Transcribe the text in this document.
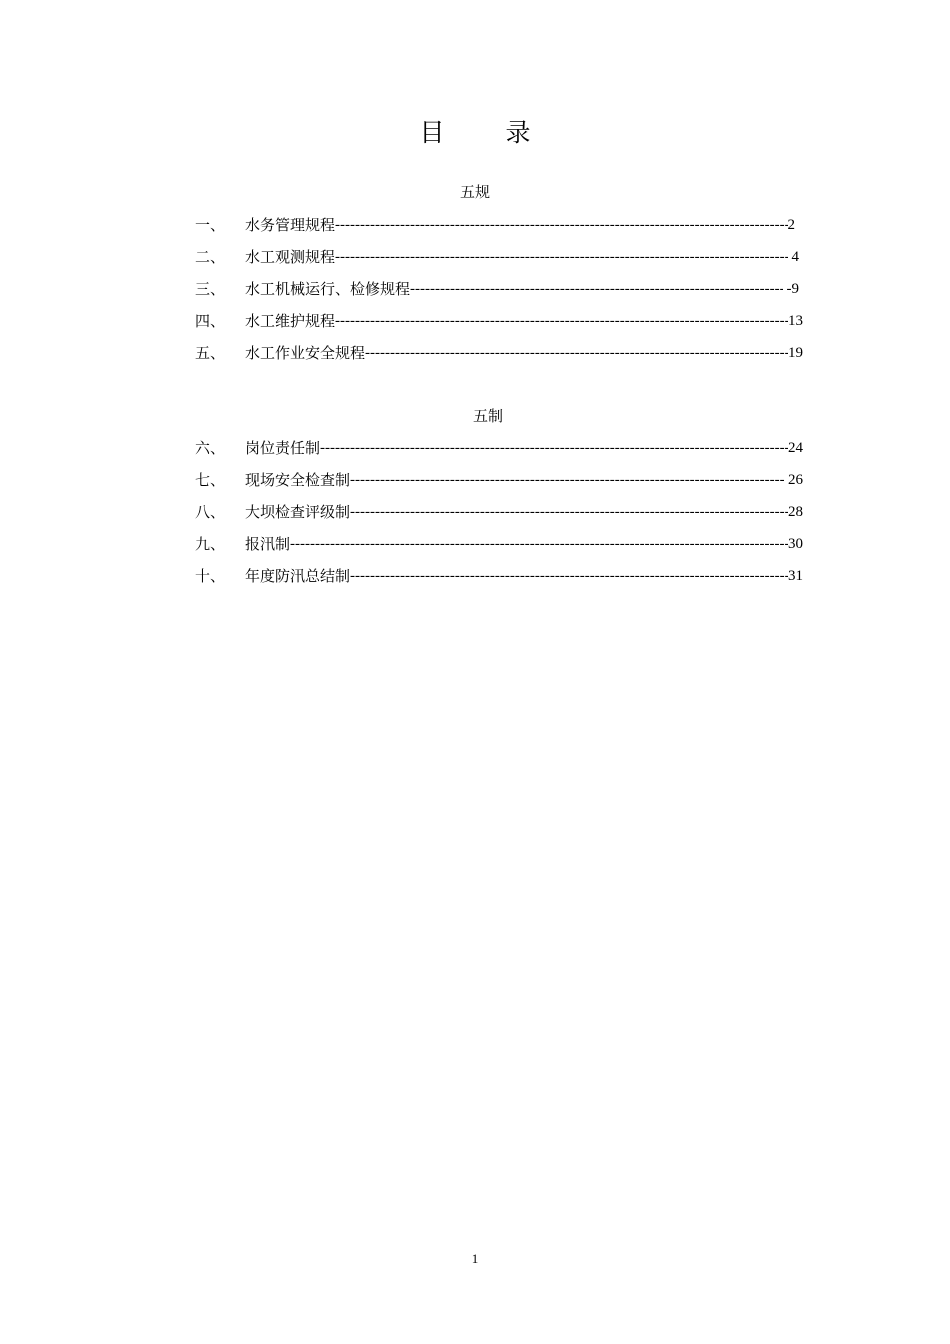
目 录
五规
一、	水务管理规程 -----	2
二、	水工观测规程 -----	4
三、	水工机械运行、检修规程 -----	-9
四、	水工维护规程 -----	13
五、	水工作业安全规程 -----	19
五制
六、	岗位责任制 -----	24
七、	现场安全检查制 -----	26
八、	大坝检查评级制 -----	28
九、	报汛制 -----	30
十、	年度防汛总结制 -----	31
1
